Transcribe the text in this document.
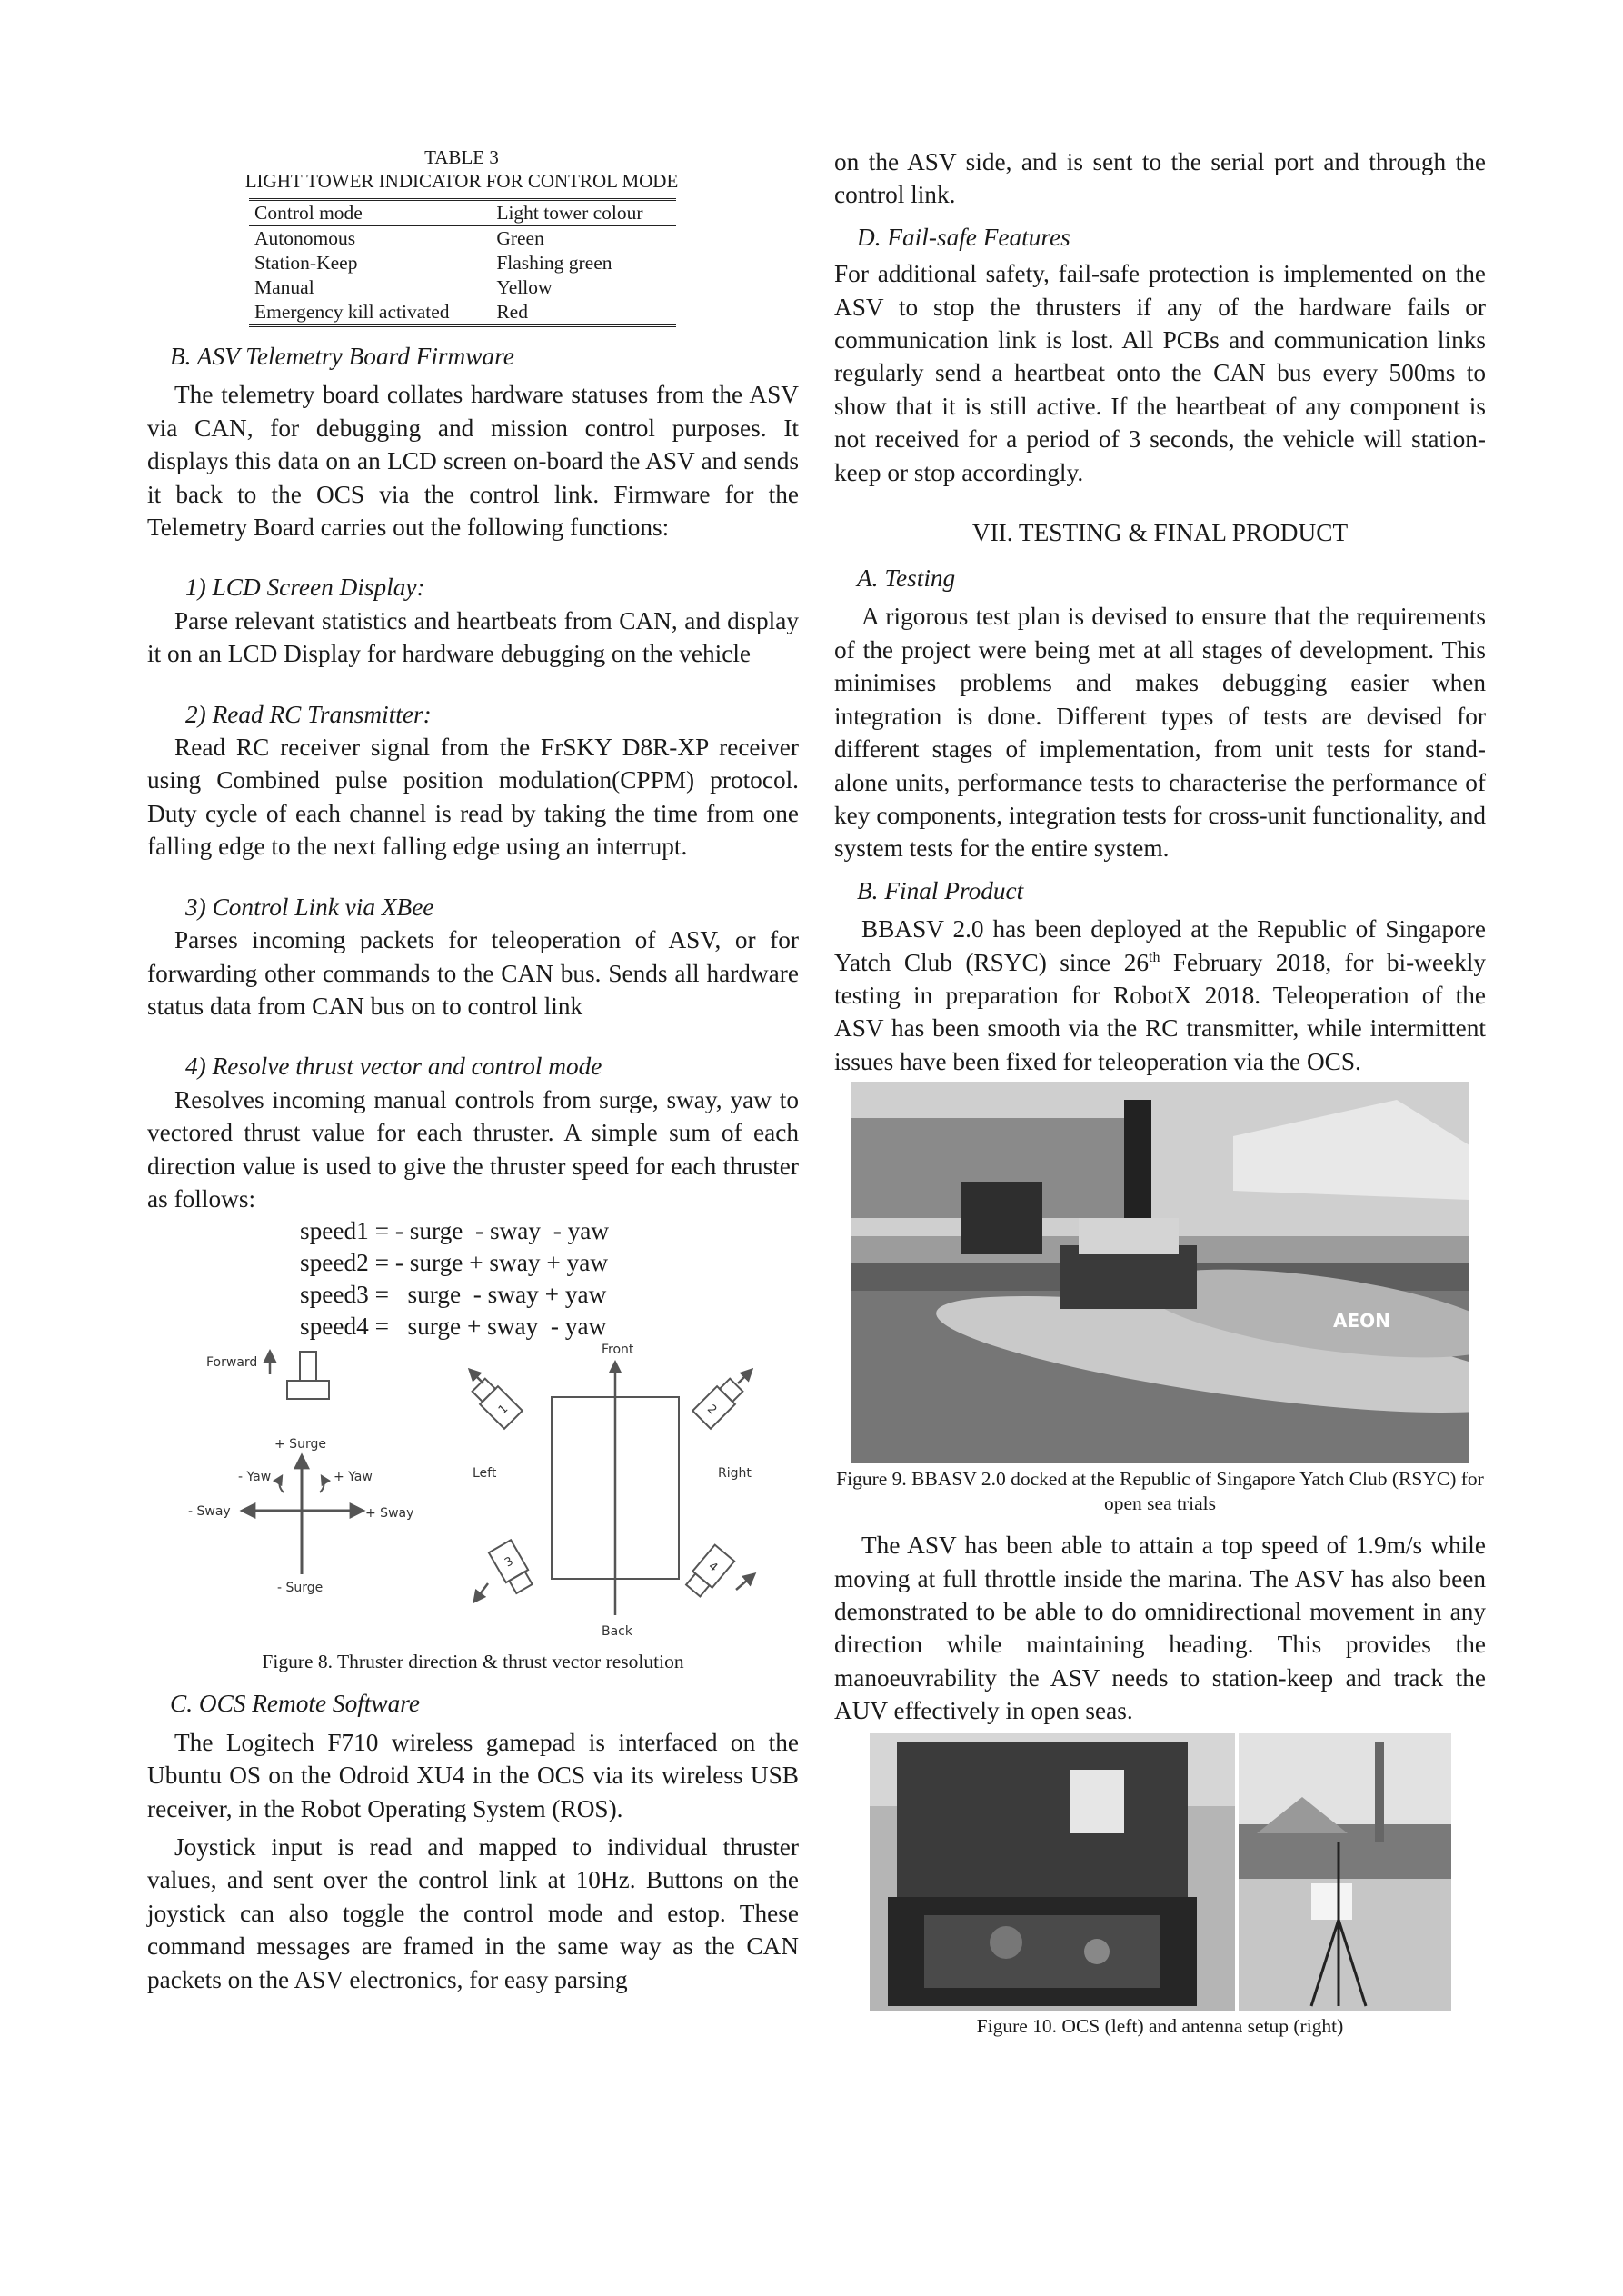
TABLE 3

LIGHT TOWER INDICATOR FOR CONTROL MODE

Control mode	Light tower colour
Autonomous	Green
Station-Keep	Flashing green
Manual	Yellow
Emergency kill activated	Red

B. ASV Telemetry Board Firmware

The telemetry board collates hardware statuses from the ASV via CAN, for debugging and mission control purposes. It displays this data on an LCD screen on-board the ASV and sends it back to the OCS via the control link. Firmware for the Telemetry Board carries out the following functions:

1) LCD Screen Display:

Parse relevant statistics and heartbeats from CAN, and display it on an LCD Display for hardware debugging on the vehicle

2) Read RC Transmitter:

Read RC receiver signal from the FrSKY D8R-XP receiver using Combined pulse position modulation(CPPM) protocol. Duty cycle of each channel is read by taking the time from one falling edge to the next falling edge using an interrupt.

3) Control Link via XBee

Parses incoming packets for teleoperation of ASV, or for forwarding other commands to the CAN bus. Sends all hardware status data from CAN bus on to control link

4) Resolve thrust vector and control mode

Resolves incoming manual controls from surge, sway, yaw to vectored thrust value for each thruster. A simple sum of each direction value is used to give the thruster speed for each thruster as follows:

speed1 = - surge  - sway  - yaw

speed2 = - surge + sway + yaw

speed3 =   surge  - sway + yaw

speed4 =   surge + sway  - yaw

Forward
+ Surge
- Surge
- Sway	+ Sway
- Yaw	+ Yaw
Front
Back
Left	Right
1	2
3	4

Figure 8. Thruster direction & thrust vector resolution

C. OCS Remote Software

The Logitech F710 wireless gamepad is interfaced on the Ubuntu OS on the Odroid XU4 in the OCS via its wireless USB receiver, in the Robot Operating System (ROS).

Joystick input is read and mapped to individual thruster values, and sent over the control link at 10Hz. Buttons on the joystick can also toggle the control mode and estop. These command messages are framed in the same way as the CAN packets on the ASV electronics, for easy parsing

on the ASV side, and is sent to the serial port and through the control link.

D. Fail-safe Features

For additional safety, fail-safe protection is implemented on the ASV to stop the thrusters if any of the hardware fails or communication link is lost. All PCBs and communication links regularly send a heartbeat onto the CAN bus every 500ms to show that it is still active. If the heartbeat of any component is not received for a period of 3 seconds, the vehicle will station-keep or stop accordingly.

VII. TESTING & FINAL PRODUCT

A. Testing

A rigorous test plan is devised to ensure that the requirements of the project were being met at all stages of development. This minimises problems and makes debugging easier when integration is done. Different types of tests are devised for different stages of implementation, from unit tests for stand-alone units, performance tests to characterise the performance of key components, integration tests for cross-unit functionality, and system tests for the entire system.

B. Final Product

BBASV 2.0 has been deployed at the Republic of Singapore Yatch Club (RSYC) since 26th February 2018, for bi-weekly testing in preparation for RobotX 2018. Teleoperation of the ASV has been smooth via the RC transmitter, while intermittent issues have been fixed for teleoperation via the OCS.

AEON

Figure 9. BBASV 2.0 docked at the Republic of Singapore Yatch Club (RSYC) for open sea trials

The ASV has been able to attain a top speed of 1.9m/s while moving at full throttle inside the marina. The ASV has also been demonstrated to be able to do omnidirectional movement in any direction while maintaining heading. This provides the manoeuvrability the ASV needs to station-keep and track the AUV effectively in open seas.

Figure 10. OCS (left) and antenna setup (right)
